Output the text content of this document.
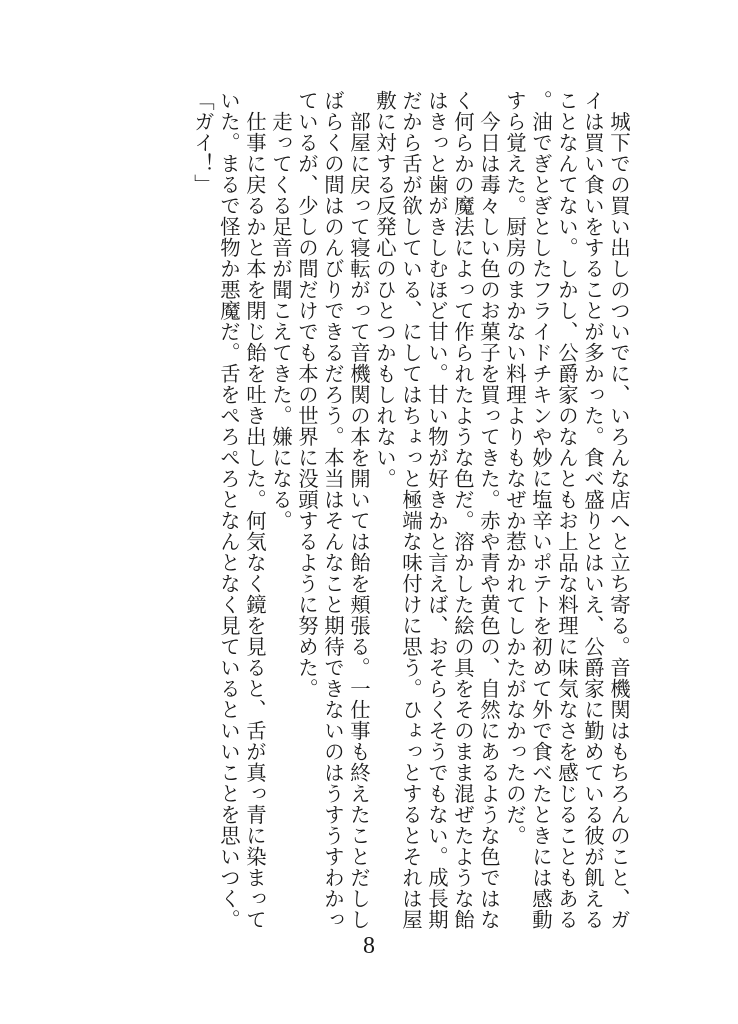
　城下での買い出しのついでに、いろんな店へと立ち寄る。音機関はもちろんのこと、ガイは買い食いをすることが多かった。食べ盛りとはいえ、公爵家に勤めている彼が飢えることなんてない。しかし、公爵家のなんともお上品な料理に味気なさを感じることもある。油でぎとぎとしたフライドチキンや妙に塩辛いポテトを初めて外で食べたときには感動すら覚えた。厨房のまかない料理よりもなぜか惹かれてしかたがなかったのだ。

　今日は毒々しい色のお菓子を買ってきた。赤や青や黄色の、自然にあるような色ではなく何らかの魔法によって作られたような色だ。溶かした絵の具をそのまま混ぜたような飴はきっと歯がきしむほど甘い。甘い物が好きかと言えば、おそらくそうでもない。成長期だから舌が欲している、にしてはちょっと極端な味付けに思う。ひょっとするとそれは屋敷に対する反発心のひとつかもしれない。

　部屋に戻って寝転がって音機関の本を開いては飴を頬張る。一仕事も終えたことだししばらくの間はのんびりできるだろう。本当はそんなこと期待できないのはうすうすわかっているが、少しの間だけでも本の世界に没頭するように努めた。

　走ってくる足音が聞こえてきた。嫌になる。

　仕事に戻るかと本を閉じ飴を吐き出した。何気なく鏡を見ると、舌が真っ青に染まっていた。まるで怪物か悪魔だ。舌をぺろぺろとなんとなく見ているといいことを思いつく。

「ガイ！」

8
